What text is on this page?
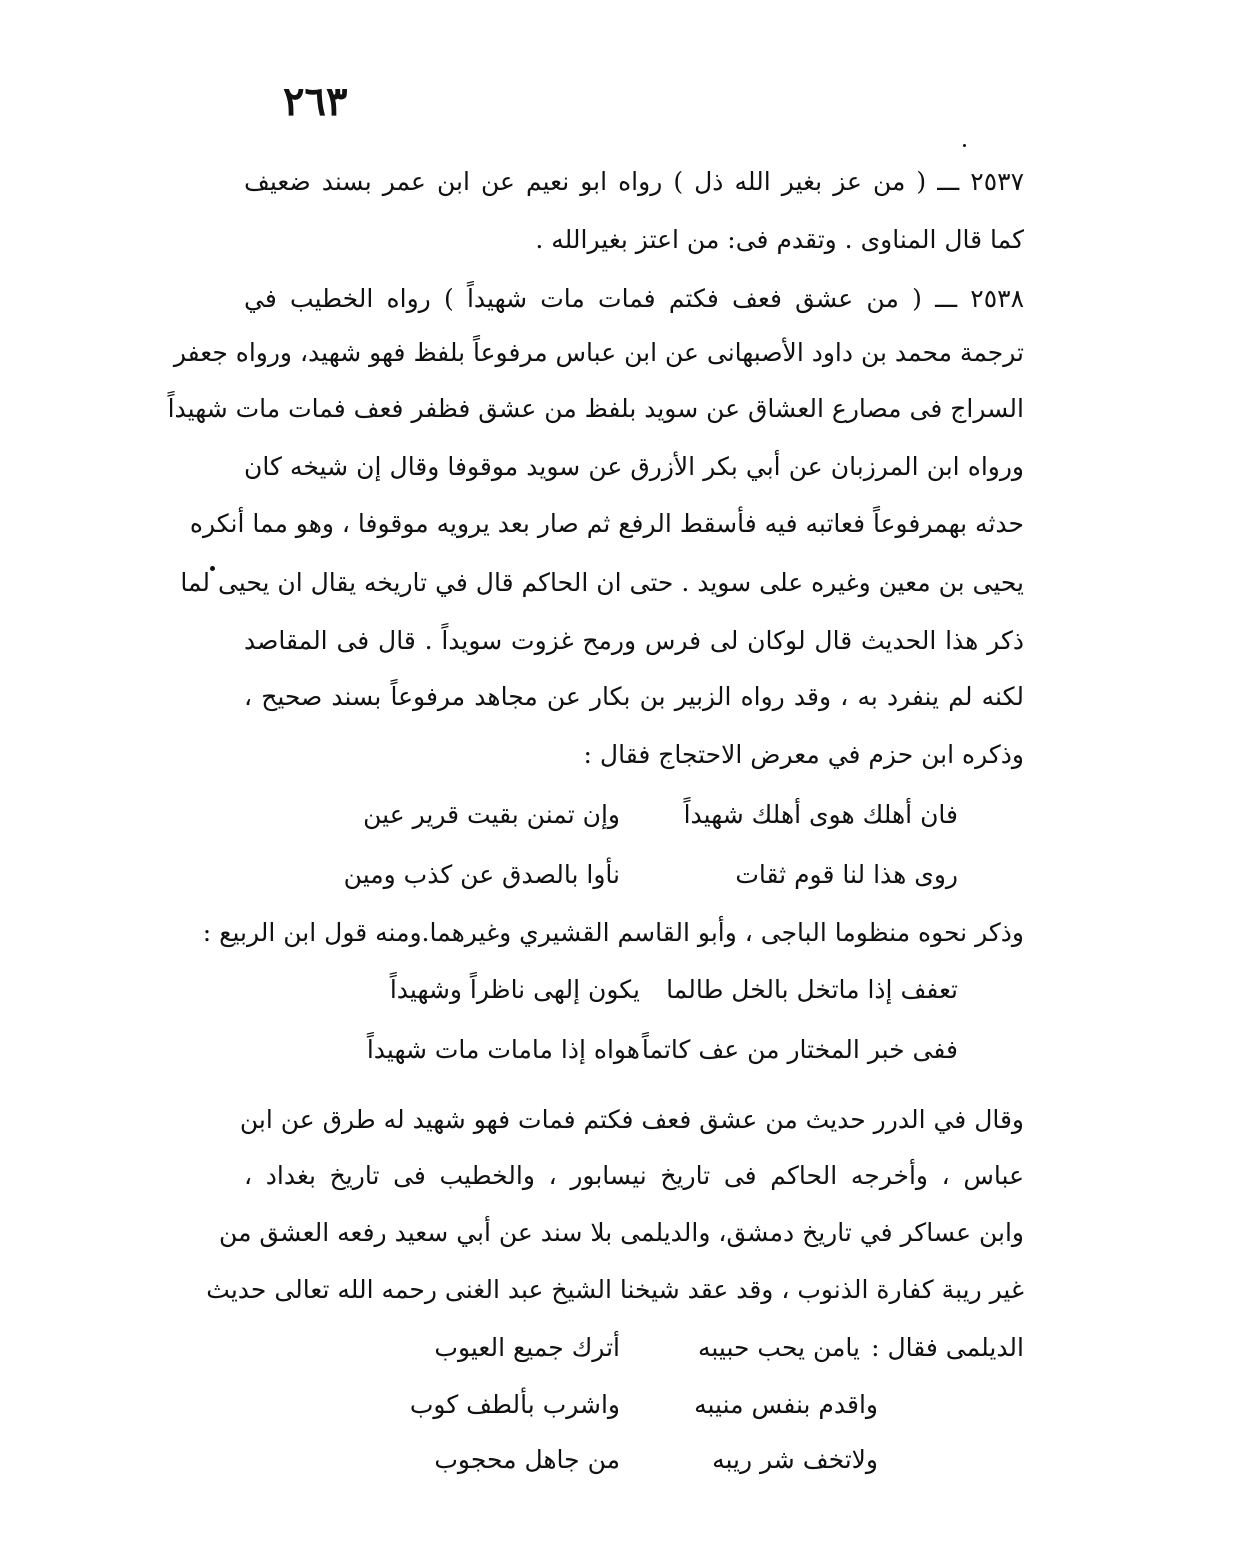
٢٦٣
٢٥٣٧ ـــ ( من عز بغير الله ذل ) رواه ابو نعيم عن ابن عمر بسند ضعيف
كما قال المناوى . وتقدم فى: من اعتز بغيرالله .
٢٥٣٨ ـــ ( من عشق فعف فكتم فمات مات شهيداً ) رواه الخطيب في
ترجمة محمد بن داود الأصبهانى عن ابن عباس مرفوعاً بلفظ فهو شهيد، ورواه جعفر
السراج فى مصارع العشاق عن سويد بلفظ من عشق فظفر فعف فمات مات شهيداً
ورواه ابن المرزبان عن أبي بكر الأزرق عن سويد موقوفا وقال إن شيخه كان
حدثه بهمرفوعاً فعاتبه فيه فأسقط الرفع ثم صار بعد يرويه موقوفا ، وهو مما أنكره
يحيى بن معين وغيره على سويد . حتى ان الحاكم قال في تاريخه يقال ان يحيى لما
ذكر هذا الحديث قال لوكان لى فرس ورمح غزوت سويداً . قال فى المقاصد
لكنه لم ينفرد به ، وقد رواه الزبير بن بكار عن مجاهد مرفوعاً بسند صحيح ،
وذكره ابن حزم في معرض الاحتجاج فقال :
فان أهلك هوى أهلك شهيداً
وإن تمنن بقيت قرير عين
روى هذا لنا قوم ثقات
نأوا بالصدق عن كذب ومين
وذكر نحوه منظوما الباجى ، وأبو القاسم القشيري وغيرهما.ومنه قول ابن الربيع :
تعفف إذا ماتخل بالخل طالما
يكون إلهى ناظراً وشهيداً
ففى خبر المختار من عف كاتماً
هواه إذا مامات مات شهيداً
وقال في الدرر حديث من عشق فعف فكتم فمات فهو شهيد له طرق عن ابن
عباس ، وأخرجه الحاكم فى تاريخ نيسابور ، والخطيب فى تاريخ بغداد ،
وابن عساكر في تاريخ دمشق، والديلمى بلا سند عن أبي سعيد رفعه العشق من
غير ريبة كفارة الذنوب ، وقد عقد شيخنا الشيخ عبد الغنى رحمه الله تعالى حديث
الديلمى فقال :
يامن يحب حبيبه
أترك جميع العيوب
واقدم بنفس منيبه
واشرب بألطف كوب
ولاتخف شر ريبه
من جاهل محجوب
